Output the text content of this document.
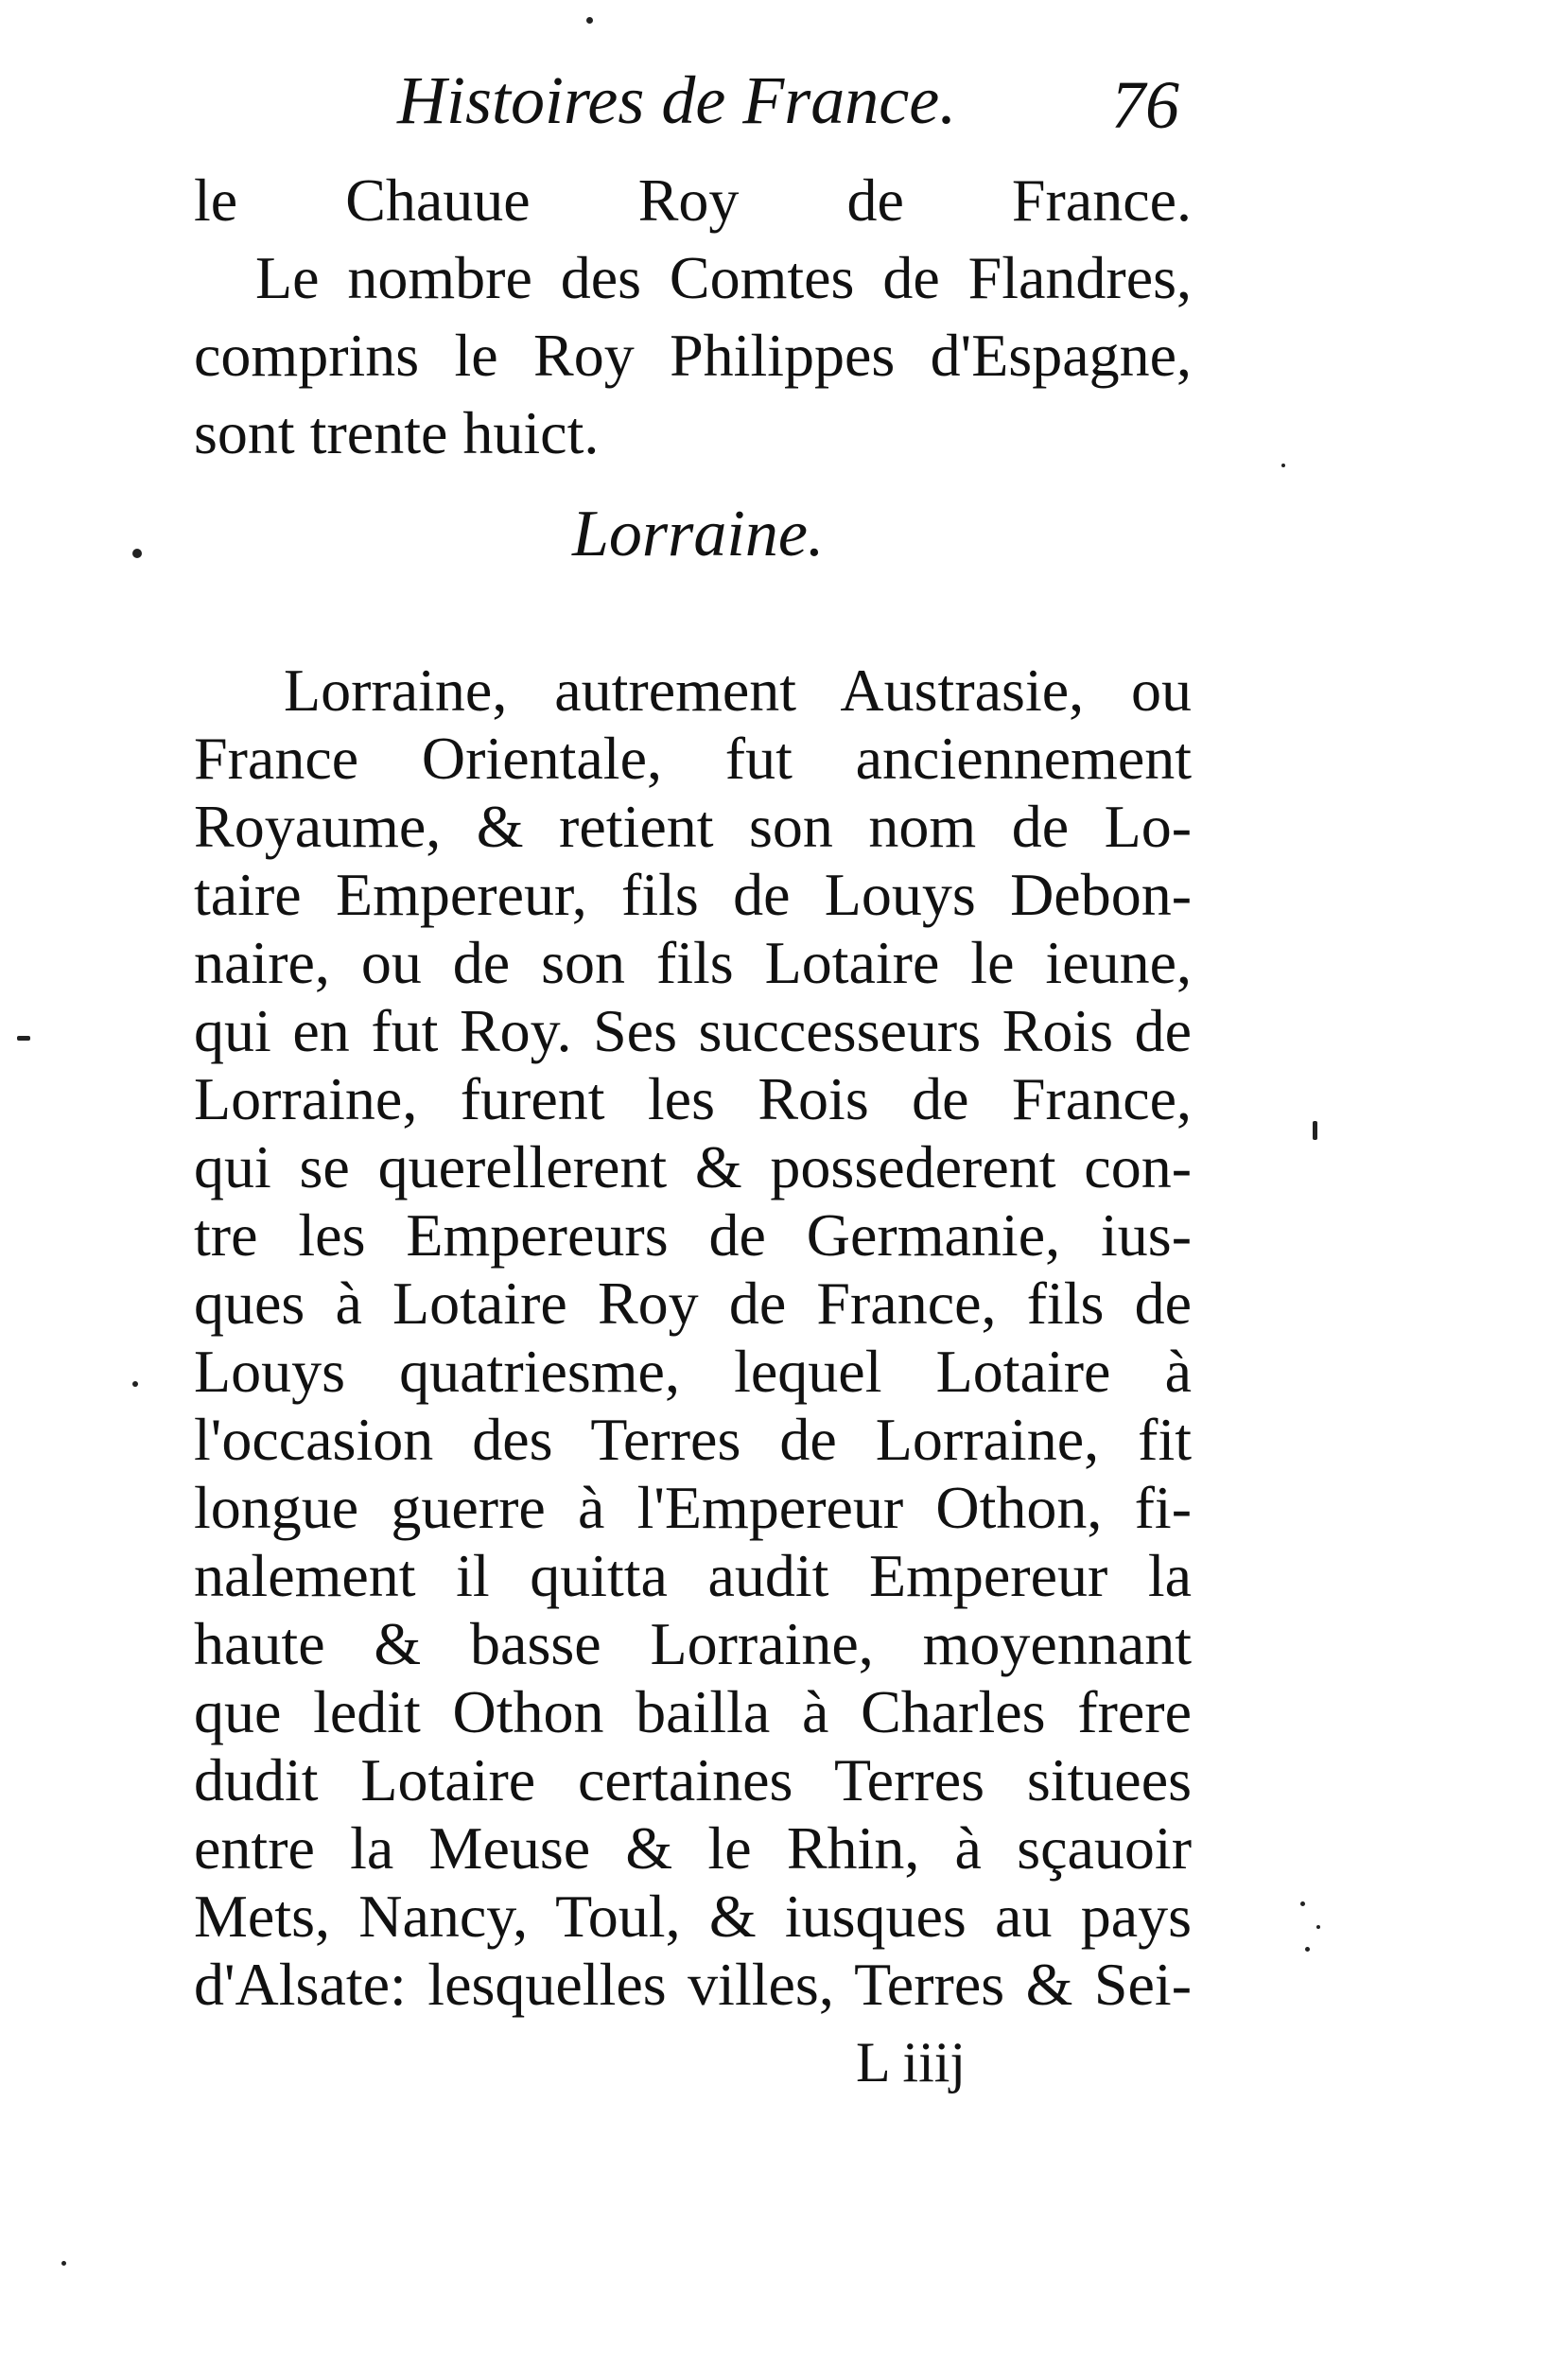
Histoires de France. 76
le Chauue Roy de France.
Le nombre des Comtes de Flandres,
comprins le Roy Philippes d'Espagne,
sont trente huict.
Lorraine.
Lorraine, autrement Austrasie, ou
France Orientale, fut anciennement
Royaume, & retient son nom de Lo-
taire Empereur, fils de Louys Debon-
naire, ou de son fils Lotaire le ieune,
qui en fut Roy. Ses successeurs Rois de
Lorraine, furent les Rois de France,
qui se querellerent & possederent con-
tre les Empereurs de Germanie, ius-
ques à Lotaire Roy de France, fils de
Louys quatriesme, lequel Lotaire à
l'occasion des Terres de Lorraine, fit
longue guerre à l'Empereur Othon, fi-
nalement il quitta audit Empereur la
haute & basse Lorraine, moyennant
que ledit Othon bailla à Charles frere
dudit Lotaire certaines Terres situees
entre la Meuse & le Rhin, à sçauoir
Mets, Nancy, Toul, & iusques au pays
d'Alsate: lesquelles villes, Terres & Sei-
L iiij
